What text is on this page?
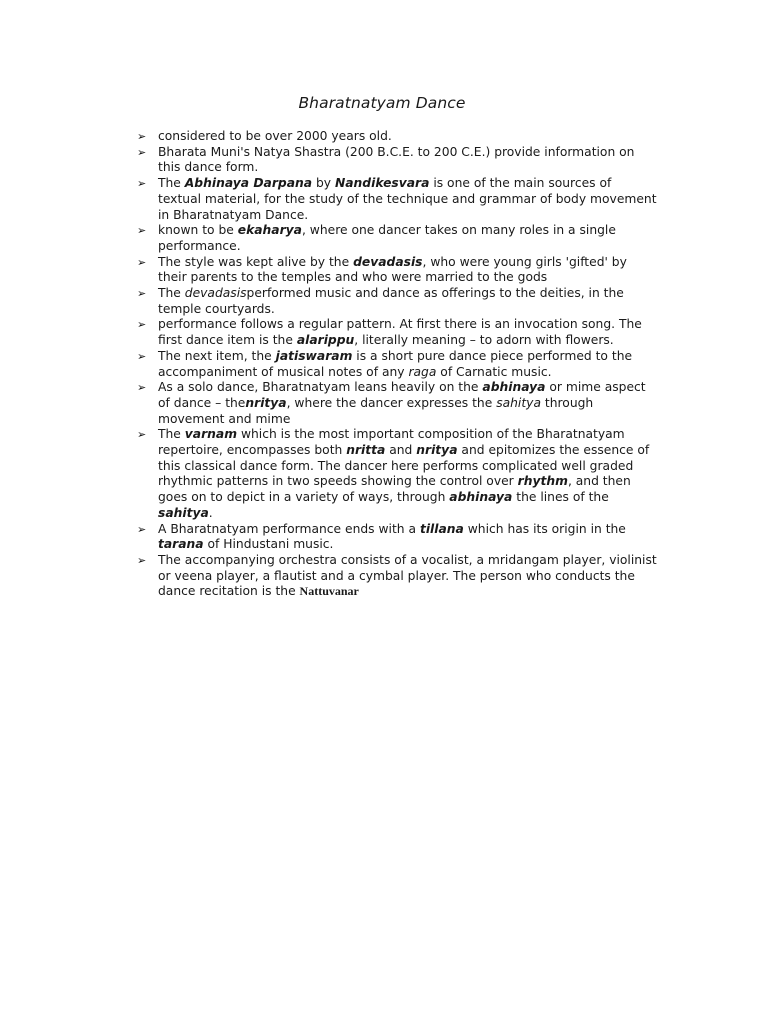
Bharatnatyam Dance
➢ considered to be over 2000 years old.
➢ Bharata Muni's Natya Shastra (200 B.C.E. to 200 C.E.) provide information on this dance form.
➢ The Abhinaya Darpana by Nandikesvara is one of the main sources of textual material, for the study of the technique and grammar of body movement in Bharatnatyam Dance.
➢ known to be ekaharya, where one dancer takes on many roles in a single performance.
➢ The style was kept alive by the devadasis, who were young girls 'gifted' by their parents to the temples and who were married to the gods
➢ The devadasisperformed music and dance as offerings to the deities, in the temple courtyards.
➢ performance follows a regular pattern. At first there is an invocation song. The first dance item is the alarippu, literally meaning – to adorn with flowers.
➢ The next item, the jatiswaram is a short pure dance piece performed to the accompaniment of musical notes of any raga of Carnatic music.
➢ As a solo dance, Bharatnatyam leans heavily on the abhinaya or mime aspect of dance – thenritya, where the dancer expresses the sahitya through movement and mime
➢ The varnam which is the most important composition of the Bharatnatyam repertoire, encompasses both nritta and nritya and epitomizes the essence of this classical dance form. The dancer here performs complicated well graded rhythmic patterns in two speeds showing the control over rhythm, and then goes on to depict in a variety of ways, through abhinaya the lines of the sahitya.
➢ A Bharatnatyam performance ends with a tillana which has its origin in the tarana of Hindustani music.
➢ The accompanying orchestra consists of a vocalist, a mridangam player, violinist or veena player, a flautist and a cymbal player. The person who conducts the dance recitation is the Nattuvanar
